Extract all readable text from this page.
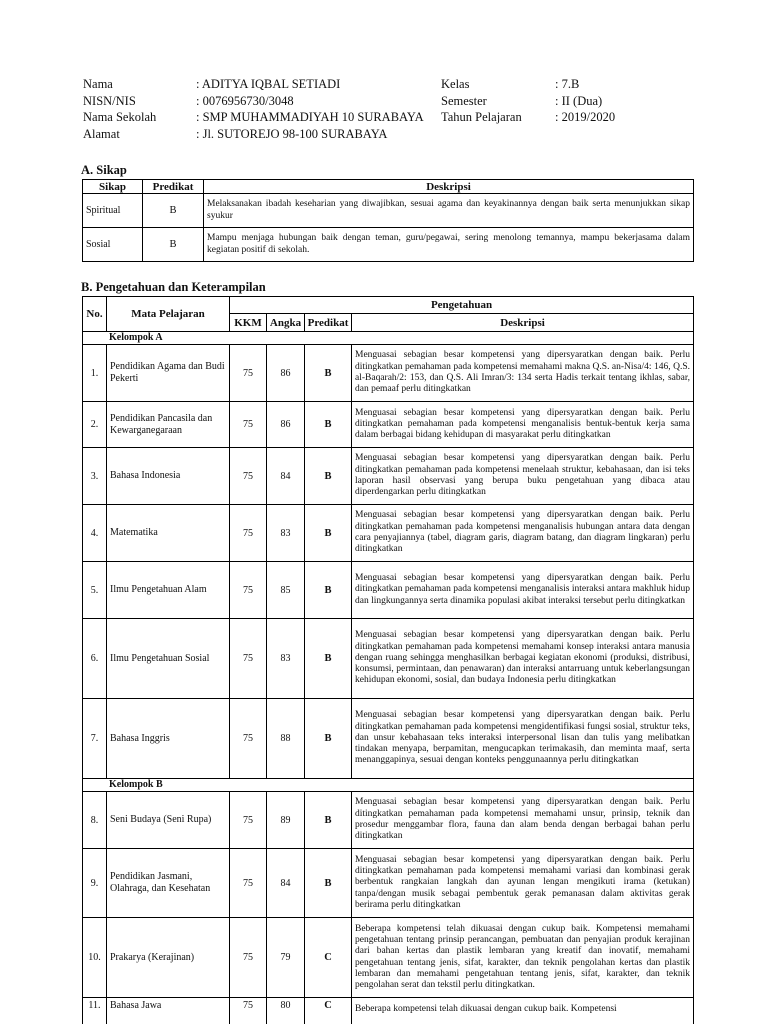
Nama	: ADITYA IQBAL SETIADI	Kelas	: 7.B
NISN/NIS	: 0076956730/3048	Semester	: II (Dua)
Nama Sekolah	: SMP MUHAMMADIYAH 10 SURABAYA	Tahun Pelajaran	: 2019/2020
Alamat	: Jl. SUTOREJO 98-100 SURABAYA
A. Sikap
Sikap	Predikat	Deskripsi
Spiritual	B	Melaksanakan ibadah keseharian yang diwajibkan, sesuai agama dan keyakinannya dengan baik serta menunjukkan sikap syukur
Sosial	B	Mampu menjaga hubungan baik dengan teman, guru/pegawai, sering menolong temannya, mampu bekerjasama dalam kegiatan positif di sekolah.
B. Pengetahuan dan Keterampilan
No.	Mata Pelajaran	Pengetahuan			
		KKM	Angka	Predikat	Deskripsi
Kelompok A					
1.	Pendidikan Agama dan Budi Pekerti	75	86	B	Menguasai sebagian besar kompetensi yang dipersyaratkan dengan baik. Perlu ditingkatkan pemahaman pada kompetensi memahami makna Q.S. an-Nisa/4: 146, Q.S. al-Baqarah/2: 153, dan Q.S. Ali Imran/3: 134 serta Hadis terkait tentang ikhlas, sabar, dan pemaaf perlu ditingkatkan
2.	Pendidikan Pancasila dan Kewarganegaraan	75	86	B	Menguasai sebagian besar kompetensi yang dipersyaratkan dengan baik. Perlu ditingkatkan pemahaman pada kompetensi menganalisis bentuk-bentuk kerja sama dalam berbagai bidang kehidupan di masyarakat perlu ditingkatkan
3.	Bahasa Indonesia	75	84	B	Menguasai sebagian besar kompetensi yang dipersyaratkan dengan baik. Perlu ditingkatkan pemahaman pada kompetensi menelaah struktur, kebahasaan, dan isi teks laporan hasil observasi yang berupa buku pengetahuan yang dibaca atau diperdengarkan perlu ditingkatkan
4.	Matematika	75	83	B	Menguasai sebagian besar kompetensi yang dipersyaratkan dengan baik. Perlu ditingkatkan pemahaman pada kompetensi menganalisis hubungan antara data dengan cara penyajiannya (tabel, diagram garis, diagram batang, dan diagram lingkaran) perlu ditingkatkan
5.	Ilmu Pengetahuan Alam	75	85	B	Menguasai sebagian besar kompetensi yang dipersyaratkan dengan baik. Perlu ditingkatkan pemahaman pada kompetensi menganalisis interaksi antara makhluk hidup dan lingkungannya serta dinamika populasi akibat interaksi tersebut perlu ditingkatkan
6.	Ilmu Pengetahuan Sosial	75	83	B	Menguasai sebagian besar kompetensi yang dipersyaratkan dengan baik. Perlu ditingkatkan pemahaman pada kompetensi memahami konsep interaksi antara manusia dengan ruang sehingga menghasilkan berbagai kegiatan ekonomi (produksi, distribusi, konsumsi, permintaan, dan penawaran) dan interaksi antarruang untuk keberlangsungan kehidupan ekonomi, sosial, dan budaya Indonesia perlu ditingkatkan
7.	Bahasa Inggris	75	88	B	Menguasai sebagian besar kompetensi yang dipersyaratkan dengan baik. Perlu ditingkatkan pemahaman pada kompetensi mengidentifikasi fungsi sosial, struktur teks, dan unsur kebahasaan teks interaksi interpersonal lisan dan tulis yang melibatkan tindakan menyapa, berpamitan, mengucapkan terimakasih, dan meminta maaf, serta menanggapinya, sesuai dengan konteks penggunaannya perlu ditingkatkan
Kelompok B					
8.	Seni Budaya (Seni Rupa)	75	89	B	Menguasai sebagian besar kompetensi yang dipersyaratkan dengan baik. Perlu ditingkatkan pemahaman pada kompetensi memahami unsur, prinsip, teknik dan prosedur menggambar flora, fauna dan alam benda dengan berbagai bahan perlu ditingkatkan
9.	Pendidikan Jasmani, Olahraga, dan Kesehatan	75	84	B	Menguasai sebagian besar kompetensi yang dipersyaratkan dengan baik. Perlu ditingkatkan pemahaman pada kompetensi memahami variasi dan kombinasi gerak berbentuk rangkaian langkah dan ayunan lengan mengikuti irama (ketukan) tanpa/dengan musik sebagai pembentuk gerak pemanasan dalam aktivitas gerak berirama perlu ditingkatkan
10.	Prakarya (Kerajinan)	75	79	C	Beberapa kompetensi telah dikuasai dengan cukup baik. Kompetensi memahami pengetahuan tentang prinsip perancangan, pembuatan dan penyajian produk kerajinan dari bahan kertas dan plastik lembaran yang kreatif dan inovatif, memahami pengetahuan tentang jenis, sifat, karakter, dan teknik pengolahan kertas dan plastik lembaran dan memahami pengetahuan tentang jenis, sifat, karakter, dan teknik pengolahan serat dan tekstil perlu ditingkatkan.
11.	Bahasa Jawa	75	80	C	Beberapa kompetensi telah dikuasai dengan cukup baik. Kompetensi
